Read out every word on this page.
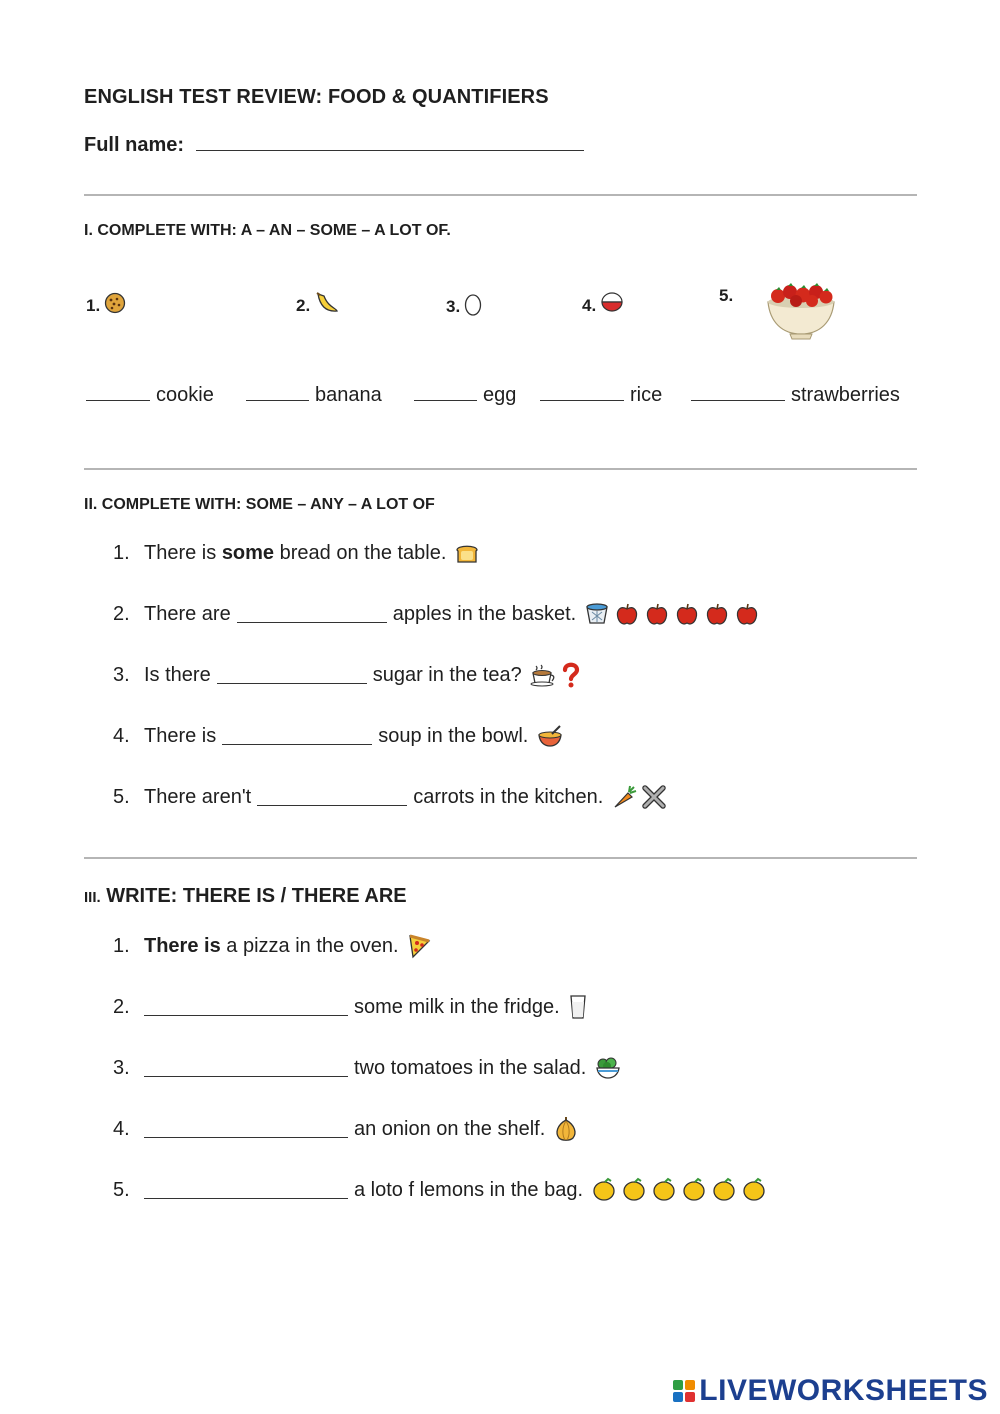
ENGLISH TEST REVIEW: FOOD & QUANTIFIERS
Full name:
I. COMPLETE WITH: A – AN – SOME – A LOT OF.
1.	2.	3.	4.	5.
cookie	banana	egg	rice	strawberries
II. COMPLETE WITH: SOME – ANY – A LOT OF
1. There is
some
bread on the table.
2. There are	apples in the basket.
3. Is there	sugar in the tea?
4. There is	soup in the bowl.
5. There aren't	carrots in the kitchen.
III. WRITE: THERE IS / THERE ARE
1. There is
a pizza in the oven.
2.	some milk in the fridge.
3.	two tomatoes in the salad.
4.	an onion on the shelf.
5.	a loto f lemons in the bag.
LIVEWORKSHEETS
